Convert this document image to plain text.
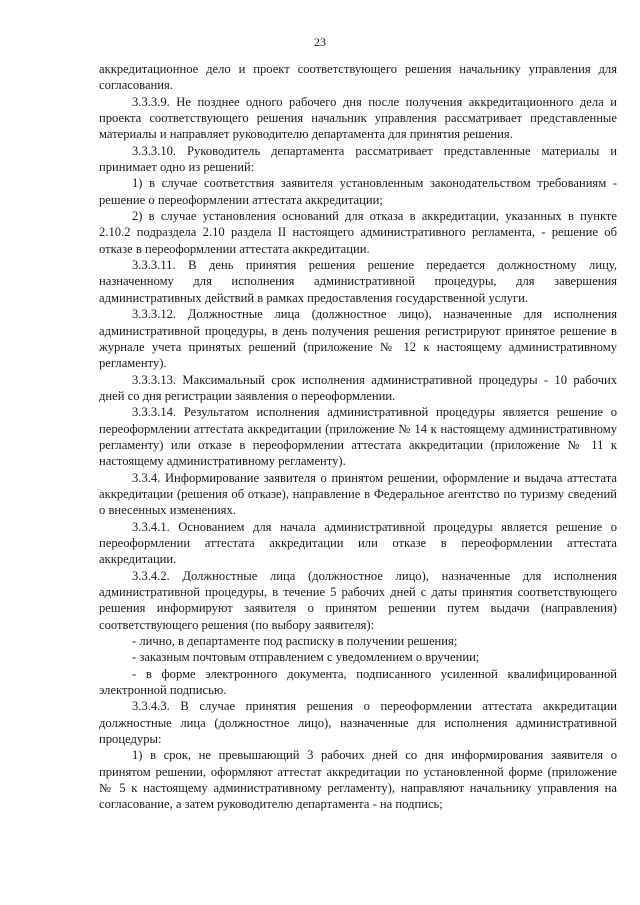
23

аккредитационное дело и проект соответствующего решения начальнику управления для согласования.

3.3.3.9. Не позднее одного рабочего дня после получения аккредитационного дела и проекта соответствующего решения начальник управления рассматривает представленные материалы и направляет руководителю департамента для принятия решения.

3.3.3.10. Руководитель департамента рассматривает представленные материалы и принимает одно из решений:

1) в случае соответствия заявителя установленным законодательством требованиям - решение о переоформлении аттестата аккредитации;

2) в случае установления оснований для отказа в аккредитации, указанных в пункте 2.10.2 подраздела 2.10 раздела II настоящего административного регламента, - решение об отказе в переоформлении аттестата аккредитации.

3.3.3.11. В день принятия решения решение передается должностному лицу, назначенному для исполнения административной процедуры, для завершения административных действий в рамках предоставления государственной услуги.

3.3.3.12. Должностные лица (должностное лицо), назначенные для исполнения административной процедуры, в день получения решения регистрируют принятое решение в журнале учета принятых решений (приложение № 12 к настоящему административному регламенту).

3.3.3.13. Максимальный срок исполнения административной процедуры - 10 рабочих дней со дня регистрации заявления о переоформлении.

3.3.3.14. Результатом исполнения административной процедуры является решение о переоформлении аттестата аккредитации (приложение № 14 к настоящему административному регламенту) или отказе в переоформлении аттестата аккредитации (приложение № 11 к настоящему административному регламенту).

3.3.4. Информирование заявителя о принятом решении, оформление и выдача аттестата аккредитации (решения об отказе), направление в Федеральное агентство по туризму сведений о внесенных изменениях.

3.3.4.1. Основанием для начала административной процедуры является решение о переоформлении аттестата аккредитации или отказе в переоформлении аттестата аккредитации.

3.3.4.2. Должностные лица (должностное лицо), назначенные для исполнения административной процедуры, в течение 5 рабочих дней с даты принятия соответствующего решения информируют заявителя о принятом решении путем выдачи (направления) соответствующего решения (по выбору заявителя):

- лично, в департаменте под расписку в получении решения;

- заказным почтовым отправлением с уведомлением о вручении;

- в форме электронного документа, подписанного усиленной квалифицированной электронной подписью.

3.3.4.3. В случае принятия решения о переоформлении аттестата аккредитации должностные лица (должностное лицо), назначенные для исполнения административной процедуры:

1) в срок, не превышающий 3 рабочих дней со дня информирования заявителя о принятом решении, оформляют аттестат аккредитации по установленной форме (приложение № 5 к настоящему административному регламенту), направляют начальнику управления на согласование, а затем руководителю департамента - на подпись;
